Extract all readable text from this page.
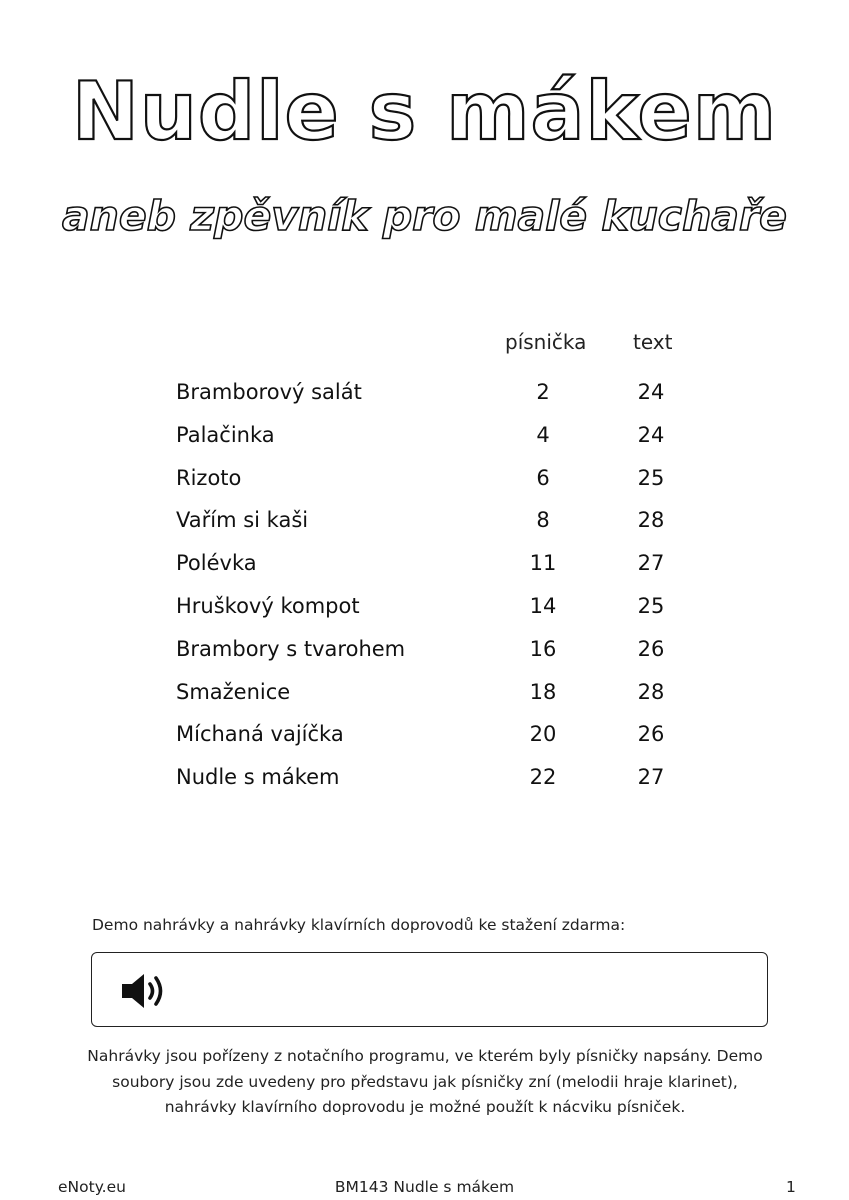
Nudle s mákem
aneb zpěvník pro malé kuchaře
písnička text
Bramborový salát	2	24
Palačinka	4	24
Rizoto	6	25
Vařím si kaši	8	28
Polévka	11	27
Hruškový kompot	14	25
Brambory s tvarohem	16	26
Smaženice	18	28
Míchaná vajíčka	20	26
Nudle s mákem	22	27
Demo nahrávky a nahrávky klavírních doprovodů ke stažení zdarma:

Nahrávky jsou pořízeny z notačního programu, ve kterém byly písničky napsány. Demo soubory jsou zde uvedeny pro představu jak písničky zní (melodii hraje klarinet), nahrávky klavírního doprovodu je možné použít k nácviku písniček.

eNoty.eu	BM143 Nudle s mákem	1
